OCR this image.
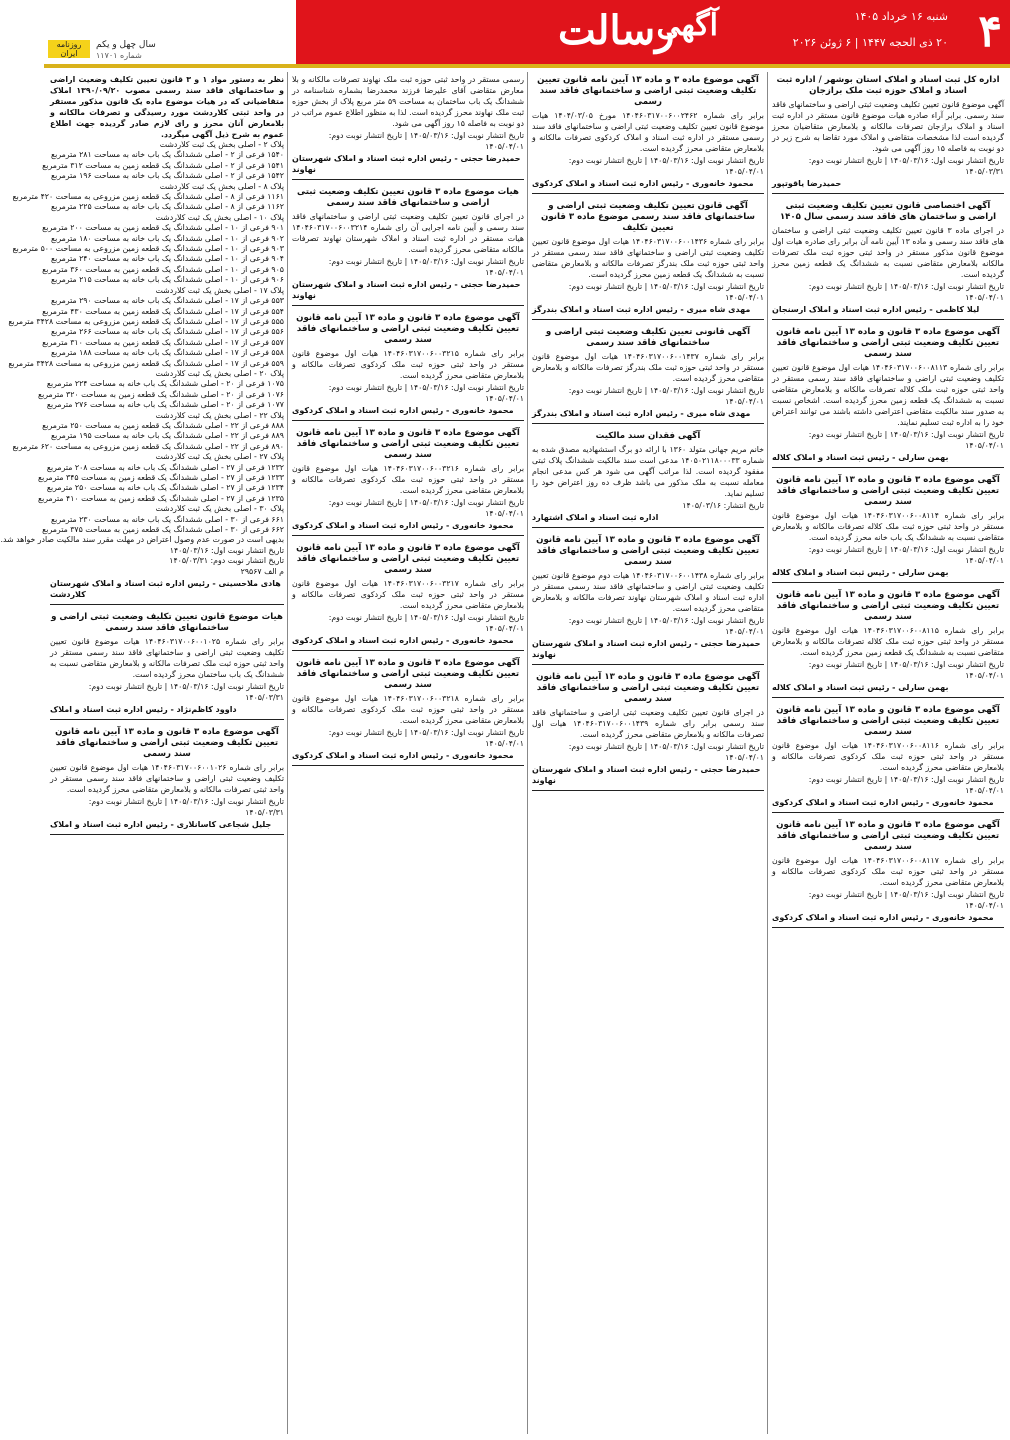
روزنامه ایران
سال چهل و یکم
شماره ۱۱۷۰۱	۴
شنبه ۱۶ خرداد ۱۴۰۵
۲۰ ذی الحجه ۱۴۴۷ | ۶ ژوئن ۲۰۲۶
آگهی
رسالت
اداره کل ثبت اسناد و املاک استان بوشهر / اداره ثبت اسناد و املاک حوزه ثبت ملک برازجان

آگهی موضوع قانون تعیین تکلیف وضعیت ثبتی اراضی و ساختمانهای فاقد سند رسمی. برابر آراء صادره هیات موضوع قانون مستقر در اداره ثبت اسناد و املاک برازجان تصرفات مالکانه و بلامعارض متقاضیان محرز گردیده است لذا مشخصات متقاضی و املاک مورد تقاضا به شرح زیر در دو نوبت به فاصله ۱۵ روز آگهی می شود.

تاریخ انتشار نوبت اول: ۱۴۰۵/۰۳/۱۶ | تاریخ انتشار نوبت دوم: ۱۴۰۵/۰۳/۳۱
حمیدرضا یاقوتپور
آگهی اختصاصی قانون تعیین تکلیف وضعیت ثبتی اراضی و ساختمان های فاقد سند رسمی سال ۱۴۰۵

در اجرای ماده ۳ قانون تعیین تکلیف وضعیت ثبتی اراضی و ساختمان های فاقد سند رسمی و ماده ۱۳ آیین نامه آن برابر رای صادره هیات اول موضوع قانون مذکور مستقر در واحد ثبتی حوزه ثبت ملک تصرفات مالکانه بلامعارض متقاضی نسبت به ششدانگ یک قطعه زمین محرز گردیده است.

تاریخ انتشار نوبت اول: ۱۴۰۵/۰۳/۱۶ | تاریخ انتشار نوبت دوم: ۱۴۰۵/۰۴/۰۱
لیلا کاظمی - رئیس اداره ثبت اسناد و املاک ارسنجان
آگهی موضوع ماده ۳ قانون و ماده ۱۳ آیین نامه قانون تعیین تکلیف وضعیت ثبتی اراضی و ساختمانهای فاقد سند رسمی

برابر رای شماره ۱۴۰۴۶۰۳۱۷۰۰۶۰۰۸۱۱۳ هیات اول موضوع قانون تعیین تکلیف وضعیت ثبتی اراضی و ساختمانهای فاقد سند رسمی مستقر در واحد ثبتی حوزه ثبت ملک کلاله تصرفات مالکانه و بلامعارض متقاضی نسبت به ششدانگ یک قطعه زمین محرز گردیده است. اشخاص نسبت به صدور سند مالکیت متقاضی اعتراضی داشته باشند می توانند اعتراض خود را به اداره ثبت تسلیم نمایند.

تاریخ انتشار نوبت اول: ۱۴۰۵/۰۳/۱۶ | تاریخ انتشار نوبت دوم: ۱۴۰۵/۰۴/۰۱
بهمن سارلی - رئیس ثبت اسناد و املاک کلاله
آگهی موضوع ماده ۳ قانون و ماده ۱۳ آیین نامه قانون تعیین تکلیف وضعیت ثبتی اراضی و ساختمانهای فاقد سند رسمی

برابر رای شماره ۱۴۰۴۶۰۳۱۷۰۰۶۰۰۸۱۱۴ هیات اول موضوع قانون مستقر در واحد ثبتی حوزه ثبت ملک کلاله تصرفات مالکانه و بلامعارض متقاضی نسبت به ششدانگ یک باب خانه محرز گردیده است.

تاریخ انتشار نوبت اول: ۱۴۰۵/۰۳/۱۶ | تاریخ انتشار نوبت دوم: ۱۴۰۵/۰۴/۰۱
بهمن سارلی - رئیس ثبت اسناد و املاک کلاله
آگهی موضوع ماده ۳ قانون و ماده ۱۳ آیین نامه قانون تعیین تکلیف وضعیت ثبتی اراضی و ساختمانهای فاقد سند رسمی

برابر رای شماره ۱۴۰۴۶۰۳۱۷۰۰۶۰۰۸۱۱۵ هیات اول موضوع قانون مستقر در واحد ثبتی حوزه ثبت ملک کلاله تصرفات مالکانه و بلامعارض متقاضی نسبت به ششدانگ یک قطعه زمین محرز گردیده است.

تاریخ انتشار نوبت اول: ۱۴۰۵/۰۳/۱۶ | تاریخ انتشار نوبت دوم: ۱۴۰۵/۰۴/۰۱
بهمن سارلی - رئیس ثبت اسناد و املاک کلاله
آگهی موضوع ماده ۳ قانون و ماده ۱۳ آیین نامه قانون تعیین تکلیف وضعیت ثبتی اراضی و ساختمانهای فاقد سند رسمی

برابر رای شماره ۱۴۰۴۶۰۳۱۷۰۰۶۰۰۸۱۱۶ هیات اول موضوع قانون مستقر در واحد ثبتی حوزه ثبت ملک کردکوی تصرفات مالکانه و بلامعارض متقاضی محرز گردیده است.

تاریخ انتشار نوبت اول: ۱۴۰۵/۰۳/۱۶ | تاریخ انتشار نوبت دوم: ۱۴۰۵/۰۴/۰۱
محمود خانه‌وری - رئیس اداره ثبت اسناد و املاک کردکوی
آگهی موضوع ماده ۳ قانون و ماده ۱۳ آیین نامه قانون تعیین تکلیف وضعیت ثبتی اراضی و ساختمانهای فاقد سند رسمی

برابر رای شماره ۱۴۰۴۶۰۳۱۷۰۰۶۰۰۸۱۱۷ هیات اول موضوع قانون مستقر در واحد ثبتی حوزه ثبت ملک کردکوی تصرفات مالکانه و بلامعارض متقاضی محرز گردیده است.

تاریخ انتشار نوبت اول: ۱۴۰۵/۰۳/۱۶ | تاریخ انتشار نوبت دوم: ۱۴۰۵/۰۴/۰۱
محمود خانه‌وری - رئیس اداره ثبت اسناد و املاک کردکوی
آگهی موضوع ماده ۳ و ماده ۱۳ آیین نامه قانون تعیین تکلیف وضعیت ثبتی اراضی و ساختمانهای فاقد سند رسمی

برابر رای شماره ۱۴۰۴۶۰۳۱۷۰۰۶۰۰۲۴۶۲ مورخ ۱۴۰۴/۰۳/۰۵ هیات موضوع قانون تعیین تکلیف وضعیت ثبتی اراضی و ساختمانهای فاقد سند رسمی مستقر در اداره ثبت اسناد و املاک کردکوی تصرفات مالکانه و بلامعارض متقاضی محرز گردیده است.

تاریخ انتشار نوبت اول: ۱۴۰۵/۰۳/۱۶ | تاریخ انتشار نوبت دوم: ۱۴۰۵/۰۴/۰۱
محمود خانه‌وری - رئیس اداره ثبت اسناد و املاک کردکوی
آگهی قانون تعیین تکلیف وضعیت ثبتی اراضی و ساختمانهای فاقد سند رسمی موضوع ماده ۳ قانون تعیین تکلیف

برابر رای شماره ۱۴۰۴۶۰۳۱۷۰۰۶۰۰۱۴۳۶ هیات اول موضوع قانون تعیین تکلیف وضعیت ثبتی اراضی و ساختمانهای فاقد سند رسمی مستقر در واحد ثبتی حوزه ثبت ملک بندرگز تصرفات مالکانه و بلامعارض متقاضی نسبت به ششدانگ یک قطعه زمین محرز گردیده است.

تاریخ انتشار نوبت اول: ۱۴۰۵/۰۳/۱۶ | تاریخ انتشار نوبت دوم: ۱۴۰۵/۰۴/۰۱
مهدی شاه میری - رئیس اداره ثبت اسناد و املاک بندرگز
آگهی قانونی تعیین تکلیف وضعیت ثبتی اراضی و ساختمانهای فاقد سند رسمی

برابر رای شماره ۱۴۰۴۶۰۳۱۷۰۰۶۰۰۱۴۳۷ هیات اول موضوع قانون مستقر در واحد ثبتی حوزه ثبت ملک بندرگز تصرفات مالکانه و بلامعارض متقاضی محرز گردیده است.

تاریخ انتشار نوبت اول: ۱۴۰۵/۰۳/۱۶ | تاریخ انتشار نوبت دوم: ۱۴۰۵/۰۴/۰۱
مهدی شاه میری - رئیس اداره ثبت اسناد و املاک بندرگز
آگهی فقدان سند مالکیت

خانم مریم جهانی متولد ۱۳۶۰ با ارائه دو برگ استشهادیه مصدق شده به شماره ۱۴۰۵۰۲۱۱۸۰۰۰۳۳ مدعی است سند مالکیت ششدانگ پلاک ثبتی مفقود گردیده است. لذا مراتب آگهی می شود هر کس مدعی انجام معامله نسبت به ملک مذکور می باشد ظرف ده روز اعتراض خود را تسلیم نماید.

تاریخ انتشار: ۱۴۰۵/۰۳/۱۶
اداره ثبت اسناد و املاک اشتهارد
آگهی موضوع ماده ۳ قانون و ماده ۱۳ آیین نامه قانون تعیین تکلیف وضعیت ثبتی اراضی و ساختمانهای فاقد سند رسمی

برابر رای شماره ۱۴۰۴۶۰۳۱۷۰۰۶۰۰۱۴۳۸ هیات دوم موضوع قانون تعیین تکلیف وضعیت ثبتی اراضی و ساختمانهای فاقد سند رسمی مستقر در اداره ثبت اسناد و املاک شهرستان نهاوند تصرفات مالکانه و بلامعارض متقاضی محرز گردیده است.

تاریخ انتشار نوبت اول: ۱۴۰۵/۰۳/۱۶ | تاریخ انتشار نوبت دوم: ۱۴۰۵/۰۴/۰۱
حمیدرضا حجتی - رئیس اداره ثبت اسناد و املاک شهرستان نهاوند
آگهی موضوع ماده ۳ قانون و ماده ۱۳ آیین نامه قانون تعیین تکلیف وضعیت ثبتی اراضی و ساختمانهای فاقد سند رسمی

در اجرای قانون تعیین تکلیف وضعیت ثبتی اراضی و ساختمانهای فاقد سند رسمی برابر رای شماره ۱۴۰۴۶۰۳۱۷۰۰۶۰۰۱۴۳۹ هیات اول تصرفات مالکانه و بلامعارض متقاضی محرز گردیده است.

تاریخ انتشار نوبت اول: ۱۴۰۵/۰۳/۱۶ | تاریخ انتشار نوبت دوم: ۱۴۰۵/۰۴/۰۱
حمیدرضا حجتی - رئیس اداره ثبت اسناد و املاک شهرستان نهاوند

رسمی مستقر در واحد ثبتی حوزه ثبت ملک نهاوند تصرفات مالکانه و بلا معارض متقاضی آقای علیرضا فرزند محمدرضا بشماره شناسنامه در ششدانگ یک باب ساختمان به مساحت ۵۹ متر مربع پلاک از بخش حوزه ثبت ملک نهاوند محرز گردیده است. لذا به منظور اطلاع عموم مراتب در دو نوبت به فاصله ۱۵ روز آگهی می شود.

تاریخ انتشار نوبت اول: ۱۴۰۵/۰۳/۱۶ | تاریخ انتشار نوبت دوم: ۱۴۰۵/۰۴/۰۱
حمیدرضا حجتی - رئیس اداره ثبت اسناد و املاک شهرستان نهاوند
هیات موضوع ماده ۳ قانون تعیین تکلیف وضعیت ثبتی اراضی و ساختمانهای فاقد سند رسمی

در اجرای قانون تعیین تکلیف وضعیت ثبتی اراضی و ساختمانهای فاقد سند رسمی و آیین نامه اجرایی آن رای شماره ۱۴۰۴۶۰۳۱۷۰۰۶۰۰۳۲۱۴ هیات مستقر در اداره ثبت اسناد و املاک شهرستان نهاوند تصرفات مالکانه متقاضی محرز گردیده است.

تاریخ انتشار نوبت اول: ۱۴۰۵/۰۳/۱۶ | تاریخ انتشار نوبت دوم: ۱۴۰۵/۰۴/۰۱
حمیدرضا حجتی - رئیس اداره ثبت اسناد و املاک شهرستان نهاوند
آگهی موضوع ماده ۳ قانون و ماده ۱۳ آیین نامه قانون تعیین تکلیف وضعیت ثبتی اراضی و ساختمانهای فاقد سند رسمی

برابر رای شماره ۱۴۰۴۶۰۳۱۷۰۰۶۰۰۳۲۱۵ هیات اول موضوع قانون مستقر در واحد ثبتی حوزه ثبت ملک کردکوی تصرفات مالکانه و بلامعارض متقاضی محرز گردیده است.

تاریخ انتشار نوبت اول: ۱۴۰۵/۰۳/۱۶ | تاریخ انتشار نوبت دوم: ۱۴۰۵/۰۴/۰۱
محمود خانه‌وری - رئیس اداره ثبت اسناد و املاک کردکوی
آگهی موضوع ماده ۳ قانون و ماده ۱۳ آیین نامه قانون تعیین تکلیف وضعیت ثبتی اراضی و ساختمانهای فاقد سند رسمی

برابر رای شماره ۱۴۰۴۶۰۳۱۷۰۰۶۰۰۳۲۱۶ هیات اول موضوع قانون مستقر در واحد ثبتی حوزه ثبت ملک کردکوی تصرفات مالکانه و بلامعارض متقاضی محرز گردیده است.

تاریخ انتشار نوبت اول: ۱۴۰۵/۰۳/۱۶ | تاریخ انتشار نوبت دوم: ۱۴۰۵/۰۴/۰۱
محمود خانه‌وری - رئیس اداره ثبت اسناد و املاک کردکوی
آگهی موضوع ماده ۳ قانون و ماده ۱۳ آیین نامه قانون تعیین تکلیف وضعیت ثبتی اراضی و ساختمانهای فاقد سند رسمی

برابر رای شماره ۱۴۰۴۶۰۳۱۷۰۰۶۰۰۳۲۱۷ هیات اول موضوع قانون مستقر در واحد ثبتی حوزه ثبت ملک کردکوی تصرفات مالکانه و بلامعارض متقاضی محرز گردیده است.

تاریخ انتشار نوبت اول: ۱۴۰۵/۰۳/۱۶ | تاریخ انتشار نوبت دوم: ۱۴۰۵/۰۴/۰۱
محمود خانه‌وری - رئیس اداره ثبت اسناد و املاک کردکوی
آگهی موضوع ماده ۳ قانون و ماده ۱۳ آیین نامه قانون تعیین تکلیف وضعیت ثبتی اراضی و ساختمانهای فاقد سند رسمی

برابر رای شماره ۱۴۰۴۶۰۳۱۷۰۰۶۰۰۳۲۱۸ هیات اول موضوع قانون مستقر در واحد ثبتی حوزه ثبت ملک کردکوی تصرفات مالکانه و بلامعارض متقاضی محرز گردیده است.

تاریخ انتشار نوبت اول: ۱۴۰۵/۰۳/۱۶ | تاریخ انتشار نوبت دوم: ۱۴۰۵/۰۴/۰۱
محمود خانه‌وری - رئیس اداره ثبت اسناد و املاک کردکوی

نظر به دستور مواد ۱ و ۳ قانون تعیین تکلیف وضعیت اراضی و ساختمانهای فاقد سند رسمی مصوب ۱۳۹۰/۰۹/۲۰ املاک متقاضیانی که در هیات موضوع ماده یک قانون مذکور مستقر در واحد ثبتی کلاردشت مورد رسیدگی و تصرفات مالکانه و بلامعارض آنان محرز و رای لازم صادر گردیده جهت اطلاع عموم به شرح ذیل آگهی میگردد.

پلاک ۲ - اصلی بخش یک ثبت کلاردشت
۱۵۴۰ فرعی از ۲ - اصلی ششدانگ یک باب خانه به مساحت ۲۸۱ مترمربع
۱۵۴۱ فرعی از ۲ - اصلی ششدانگ یک قطعه زمین به مساحت ۳۱۲ مترمربع
۱۵۴۲ فرعی از ۲ - اصلی ششدانگ یک باب خانه به مساحت ۱۹۶ مترمربع
پلاک ۸ - اصلی بخش یک ثبت کلاردشت
۱۱۶۱ فرعی از ۸ - اصلی ششدانگ یک قطعه زمین مزروعی به مساحت ۴۲۰ مترمربع
۱۱۶۲ فرعی از ۸ - اصلی ششدانگ یک باب خانه به مساحت ۲۲۵ مترمربع
پلاک ۱۰ - اصلی بخش یک ثبت کلاردشت
۹۰۱ فرعی از ۱۰ - اصلی ششدانگ یک قطعه زمین به مساحت ۲۰۰ مترمربع
۹۰۲ فرعی از ۱۰ - اصلی ششدانگ یک باب خانه به مساحت ۱۸۰ مترمربع
۹۰۳ فرعی از ۱۰ - اصلی ششدانگ یک قطعه زمین مزروعی به مساحت ۵۰۰ مترمربع
۹۰۴ فرعی از ۱۰ - اصلی ششدانگ یک باب خانه به مساحت ۲۴۰ مترمربع
۹۰۵ فرعی از ۱۰ - اصلی ششدانگ یک قطعه زمین به مساحت ۳۶۰ مترمربع
۹۰۶ فرعی از ۱۰ - اصلی ششدانگ یک باب خانه به مساحت ۲۱۵ مترمربع
پلاک ۱۷ - اصلی بخش یک ثبت کلاردشت
۵۵۳ فرعی از ۱۷ - اصلی ششدانگ یک باب خانه به مساحت ۲۹۰ مترمربع
۵۵۴ فرعی از ۱۷ - اصلی ششدانگ یک قطعه زمین به مساحت ۴۳۰ مترمربع
۵۵۵ فرعی از ۱۷ - اصلی ششدانگ یک قطعه زمین مزروعی به مساحت ۳۴۲۸ مترمربع
۵۵۶ فرعی از ۱۷ - اصلی ششدانگ یک باب خانه به مساحت ۲۶۶ مترمربع
۵۵۷ فرعی از ۱۷ - اصلی ششدانگ یک قطعه زمین به مساحت ۳۱۰ مترمربع
۵۵۸ فرعی از ۱۷ - اصلی ششدانگ یک باب خانه به مساحت ۱۸۸ مترمربع
۵۵۹ فرعی از ۱۷ - اصلی ششدانگ یک قطعه زمین مزروعی به مساحت ۳۴۲۸ مترمربع
پلاک ۲۰ - اصلی بخش یک ثبت کلاردشت
۱۰۷۵ فرعی از ۲۰ - اصلی ششدانگ یک باب خانه به مساحت ۲۲۴ مترمربع
۱۰۷۶ فرعی از ۲۰ - اصلی ششدانگ یک قطعه زمین به مساحت ۳۲۰ مترمربع
۱۰۷۷ فرعی از ۲۰ - اصلی ششدانگ یک باب خانه به مساحت ۲۷۶ مترمربع
پلاک ۲۲ - اصلی بخش یک ثبت کلاردشت
۸۸۸ فرعی از ۲۲ - اصلی ششدانگ یک قطعه زمین به مساحت ۲۵۰ مترمربع
۸۸۹ فرعی از ۲۲ - اصلی ششدانگ یک باب خانه به مساحت ۱۹۵ مترمربع
۸۹۰ فرعی از ۲۲ - اصلی ششدانگ یک قطعه زمین مزروعی به مساحت ۶۲۰ مترمربع
پلاک ۲۷ - اصلی بخش یک ثبت کلاردشت
۱۲۳۲ فرعی از ۲۷ - اصلی ششدانگ یک باب خانه به مساحت ۲۰۸ مترمربع
۱۲۳۳ فرعی از ۲۷ - اصلی ششدانگ یک قطعه زمین به مساحت ۳۴۵ مترمربع
۱۲۳۴ فرعی از ۲۷ - اصلی ششدانگ یک باب خانه به مساحت ۲۵۰ مترمربع
۱۲۳۵ فرعی از ۲۷ - اصلی ششدانگ یک قطعه زمین به مساحت ۴۱۰ مترمربع
پلاک ۳۰ - اصلی بخش یک ثبت کلاردشت
۶۶۱ فرعی از ۳۰ - اصلی ششدانگ یک باب خانه به مساحت ۲۳۰ مترمربع
۶۶۲ فرعی از ۳۰ - اصلی ششدانگ یک قطعه زمین به مساحت ۳۷۵ مترمربع
بدیهی است در صورت عدم وصول اعتراض در مهلت مقرر سند مالکیت صادر خواهد شد.
تاریخ انتشار نوبت اول: ۱۴۰۵/۰۳/۱۶
تاریخ انتشار نوبت دوم: ۱۴۰۵/۰۳/۳۱
م الف ۲۹۵۶۷
هادی ملاحسینی - رئیس اداره ثبت اسناد و املاک شهرستان کلاردشت
هیات موضوع قانون تعیین تکلیف وضعیت ثبتی اراضی و ساختمانهای فاقد سند رسمی

برابر رای شماره ۱۴۰۴۶۰۳۱۷۰۰۶۰۰۱۰۲۵ هیات موضوع قانون تعیین تکلیف وضعیت ثبتی اراضی و ساختمانهای فاقد سند رسمی مستقر در واحد ثبتی حوزه ثبت ملک تصرفات مالکانه و بلامعارض متقاضی نسبت به ششدانگ یک باب ساختمان محرز گردیده است.

تاریخ انتشار نوبت اول: ۱۴۰۵/۰۳/۱۶ | تاریخ انتشار نوبت دوم: ۱۴۰۵/۰۳/۳۱
داوود کاظم‌نژاد - رئیس اداره ثبت اسناد و املاک
آگهی موضوع ماده ۳ قانون و ماده ۱۳ آیین نامه قانون تعیین تکلیف وضعیت ثبتی اراضی و ساختمانهای فاقد سند رسمی

برابر رای شماره ۱۴۰۴۶۰۳۱۷۰۰۶۰۰۱۰۲۶ هیات اول موضوع قانون تعیین تکلیف وضعیت ثبتی اراضی و ساختمانهای فاقد سند رسمی مستقر در واحد ثبتی تصرفات مالکانه و بلامعارض متقاضی محرز گردیده است.

تاریخ انتشار نوبت اول: ۱۴۰۵/۰۳/۱۶ | تاریخ انتشار نوبت دوم: ۱۴۰۵/۰۳/۳۱
جلیل شجاعی کاسانلاری - رئیس اداره ثبت اسناد و املاک
